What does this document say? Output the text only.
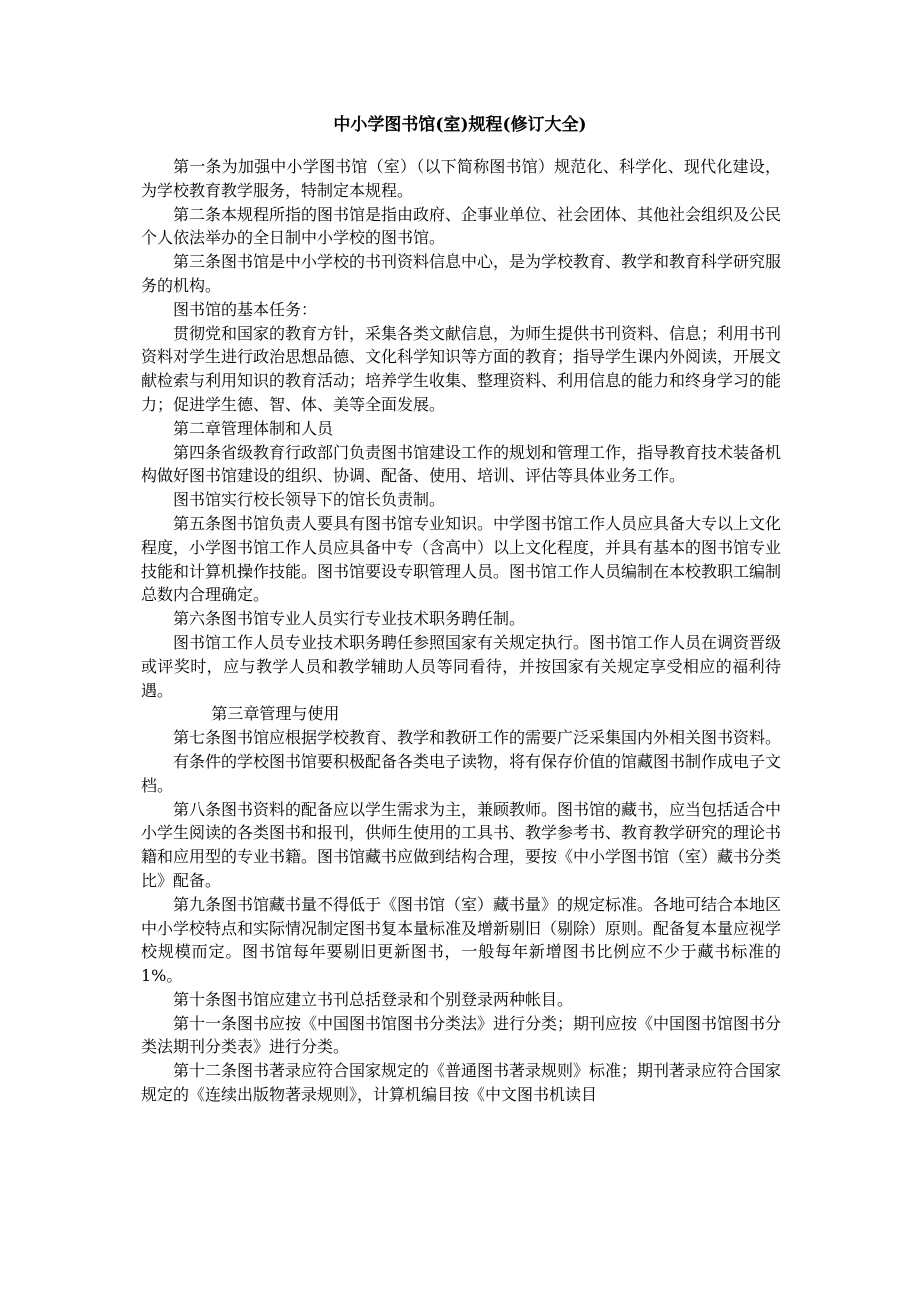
中小学图书馆(室)规程(修订大全)

第一条为加强中小学图书馆（室）（以下简称图书馆）规范化、科学化、现代化建设，为学校教育教学服务，特制定本规程。

第二条本规程所指的图书馆是指由政府、企事业单位、社会团体、其他社会组织及公民个人依法举办的全日制中小学校的图书馆。

第三条图书馆是中小学校的书刊资料信息中心，是为学校教育、教学和教育科学研究服务的机构。

图书馆的基本任务：

贯彻党和国家的教育方针，采集各类文献信息，为师生提供书刊资料、信息；利用书刊资料对学生进行政治思想品德、文化科学知识等方面的教育；指导学生课内外阅读，开展文献检索与利用知识的教育活动；培养学生收集、整理资料、利用信息的能力和终身学习的能力；促进学生德、智、体、美等全面发展。

第二章管理体制和人员

第四条省级教育行政部门负责图书馆建设工作的规划和管理工作，指导教育技术装备机构做好图书馆建设的组织、协调、配备、使用、培训、评估等具体业务工作。

图书馆实行校长领导下的馆长负责制。

第五条图书馆负责人要具有图书馆专业知识。中学图书馆工作人员应具备大专以上文化程度，小学图书馆工作人员应具备中专（含高中）以上文化程度，并具有基本的图书馆专业技能和计算机操作技能。图书馆要设专职管理人员。图书馆工作人员编制在本校教职工编制总数内合理确定。

第六条图书馆专业人员实行专业技术职务聘任制。

图书馆工作人员专业技术职务聘任参照国家有关规定执行。图书馆工作人员在调资晋级或评奖时，应与教学人员和教学辅助人员等同看待，并按国家有关规定享受相应的福利待遇。

第三章管理与使用

第七条图书馆应根据学校教育、教学和教研工作的需要广泛采集国内外相关图书资料。

有条件的学校图书馆要积极配备各类电子读物，将有保存价值的馆藏图书制作成电子文档。

第八条图书资料的配备应以学生需求为主，兼顾教师。图书馆的藏书，应当包括适合中小学生阅读的各类图书和报刊，供师生使用的工具书、教学参考书、教育教学研究的理论书籍和应用型的专业书籍。图书馆藏书应做到结构合理，要按《中小学图书馆（室）藏书分类比》配备。

第九条图书馆藏书量不得低于《图书馆（室）藏书量》的规定标准。各地可结合本地区中小学校特点和实际情况制定图书复本量标准及增新剔旧（剔除）原则。配备复本量应视学校规模而定。图书馆每年要剔旧更新图书，一般每年新增图书比例应不少于藏书标准的1%。

第十条图书馆应建立书刊总括登录和个别登录两种帐目。

第十一条图书应按《中国图书馆图书分类法》进行分类；期刊应按《中国图书馆图书分类法期刊分类表》进行分类。

第十二条图书著录应符合国家规定的《普通图书著录规则》标准；期刊著录应符合国家规定的《连续出版物著录规则》，计算机编目按《中文图书机读目
